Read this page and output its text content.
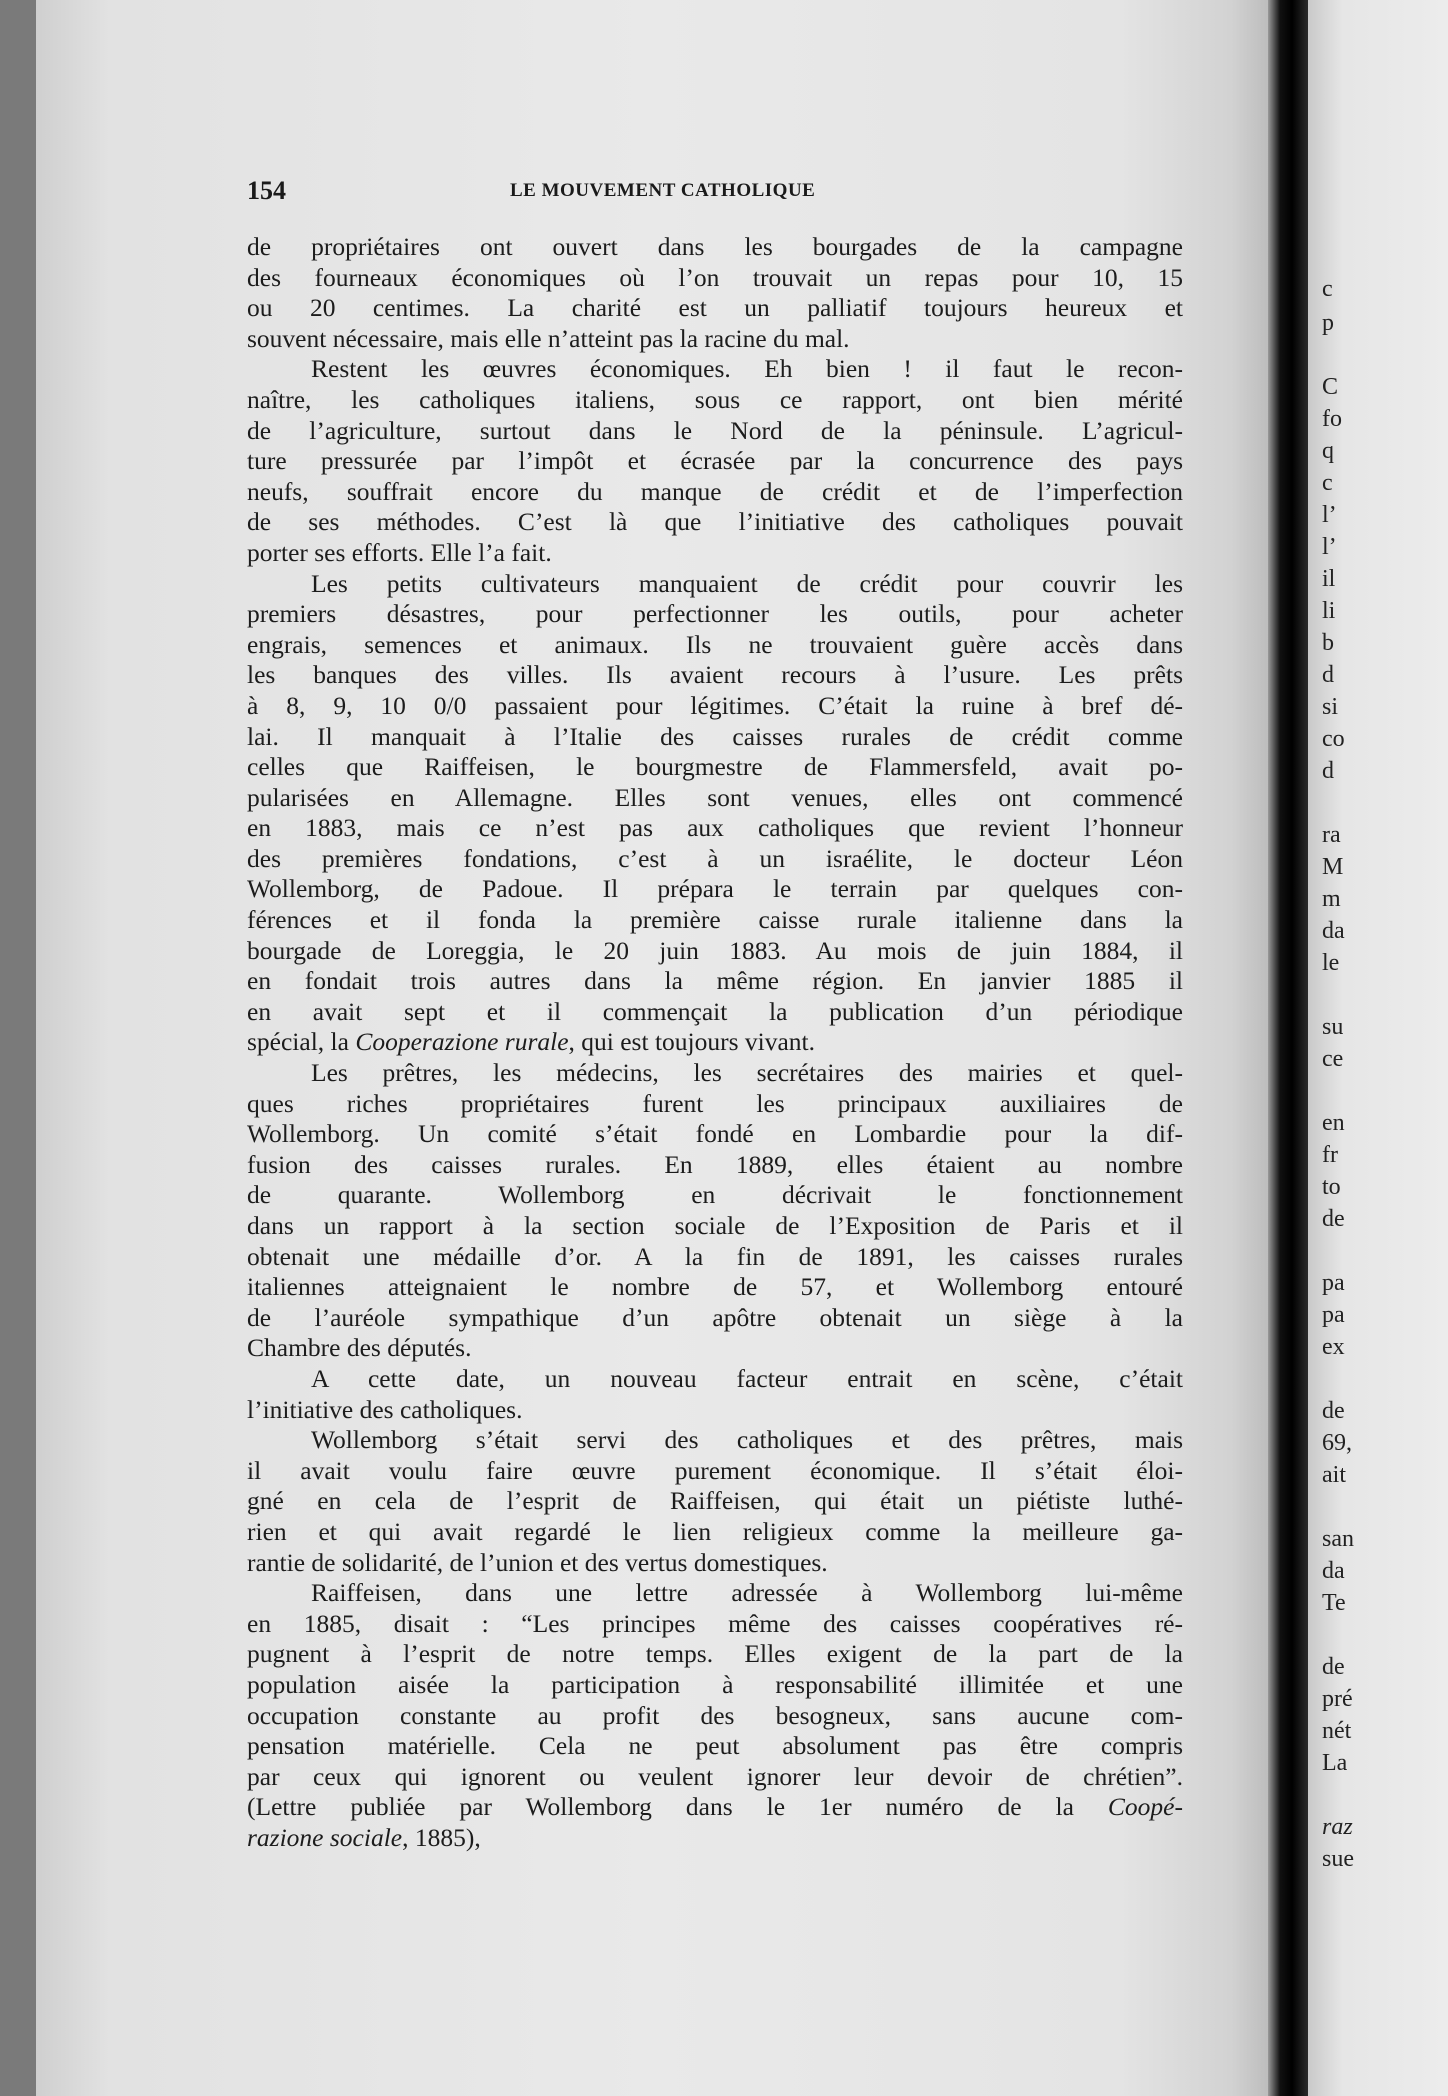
c
p
C
fo
q
c
l’
l’
il
li
b
d
si
co
d
ra
M
m
da
le
su
ce
en
fr
to
de
pa
pa
ex
de
69,
ait
san
da
Te
de
pré
nét
La
raz
sue
154	LE MOUVEMENT CATHOLIQUE
de propriétaires ont ouvert dans les bourgades de la campagne
des fourneaux économiques où l’on trouvait un repas pour 10, 15
ou 20 centimes. La charité est un palliatif toujours heureux et
souvent nécessaire, mais elle n’atteint pas la racine du mal.
Restent les œuvres économiques. Eh bien ! il faut le recon-
naître, les catholiques italiens, sous ce rapport, ont bien mérité
de l’agriculture, surtout dans le Nord de la péninsule. L’agricul-
ture pressurée par l’impôt et écrasée par la concurrence des pays
neufs, souffrait encore du manque de crédit et de l’imperfection
de ses méthodes. C’est là que l’initiative des catholiques pouvait
porter ses efforts. Elle l’a fait.
Les petits cultivateurs manquaient de crédit pour couvrir les
premiers désastres, pour perfectionner les outils, pour acheter
engrais, semences et animaux. Ils ne trouvaient guère accès dans
les banques des villes. Ils avaient recours à l’usure. Les prêts
à 8, 9, 10 0/0 passaient pour légitimes. C’était la ruine à bref dé-
lai. Il manquait à l’Italie des caisses rurales de crédit comme
celles que Raiffeisen, le bourgmestre de Flammersfeld, avait po-
pularisées en Allemagne. Elles sont venues, elles ont commencé
en 1883, mais ce n’est pas aux catholiques que revient l’honneur
des premières fondations, c’est à un israélite, le docteur Léon
Wollemborg, de Padoue. Il prépara le terrain par quelques con-
férences et il fonda la première caisse rurale italienne dans la
bourgade de Loreggia, le 20 juin 1883. Au mois de juin 1884, il
en fondait trois autres dans la même région. En janvier 1885 il
en avait sept et il commençait la publication d’un périodique
spécial, la Cooperazione rurale, qui est toujours vivant.
Les prêtres, les médecins, les secrétaires des mairies et quel-
ques riches propriétaires furent les principaux auxiliaires de
Wollemborg. Un comité s’était fondé en Lombardie pour la dif-
fusion des caisses rurales. En 1889, elles étaient au nombre
de quarante. Wollemborg en décrivait le fonctionnement
dans un rapport à la section sociale de l’Exposition de Paris et il
obtenait une médaille d’or. A la fin de 1891, les caisses rurales
italiennes atteignaient le nombre de 57, et Wollemborg entouré
de l’auréole sympathique d’un apôtre obtenait un siège à la
Chambre des députés.
A cette date, un nouveau facteur entrait en scène, c’était
l’initiative des catholiques.
Wollemborg s’était servi des catholiques et des prêtres, mais
il avait voulu faire œuvre purement économique. Il s’était éloi-
gné en cela de l’esprit de Raiffeisen, qui était un piétiste luthé-
rien et qui avait regardé le lien religieux comme la meilleure ga-
rantie de solidarité, de l’union et des vertus domestiques.
Raiffeisen, dans une lettre adressée à Wollemborg lui-même
en 1885, disait : “Les principes même des caisses coopératives ré-
pugnent à l’esprit de notre temps. Elles exigent de la part de la
population aisée la participation à responsabilité illimitée et une
occupation constante au profit des besogneux, sans aucune com-
pensation matérielle. Cela ne peut absolument pas être compris
par ceux qui ignorent ou veulent ignorer leur devoir de chrétien”.
(Lettre publiée par Wollemborg dans le 1er numéro de la Coopé-
razione sociale, 1885),
